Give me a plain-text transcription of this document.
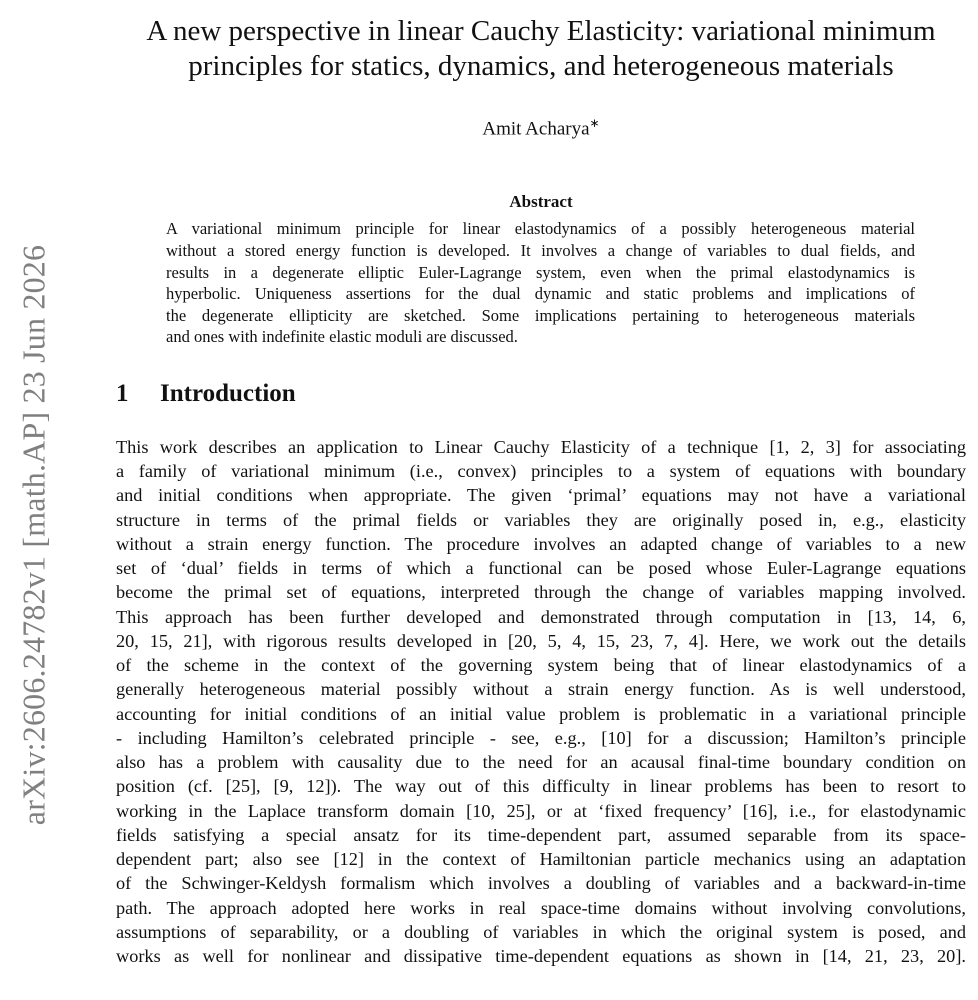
arXiv:2606.24782v1 [math.AP] 23 Jun 2026
A new perspective in linear Cauchy Elasticity: variational minimum
principles for statics, dynamics, and heterogeneous materials
Amit Acharya∗
Abstract
A variational minimum principle for linear elastodynamics of a possibly heterogeneous material
without a stored energy function is developed. It involves a change of variables to dual fields, and
results in a degenerate elliptic Euler-Lagrange system, even when the primal elastodynamics is
hyperbolic. Uniqueness assertions for the dual dynamic and static problems and implications of
the degenerate ellipticity are sketched. Some implications pertaining to heterogeneous materials
and ones with indefinite elastic moduli are discussed.
1 Introduction
This work describes an application to Linear Cauchy Elasticity of a technique [1, 2, 3] for associating
a family of variational minimum (i.e., convex) principles to a system of equations with boundary
and initial conditions when appropriate. The given ‘primal’ equations may not have a variational
structure in terms of the primal fields or variables they are originally posed in, e.g., elasticity
without a strain energy function. The procedure involves an adapted change of variables to a new
set of ‘dual’ fields in terms of which a functional can be posed whose Euler-Lagrange equations
become the primal set of equations, interpreted through the change of variables mapping involved.
This approach has been further developed and demonstrated through computation in [13, 14, 6,
20, 15, 21], with rigorous results developed in [20, 5, 4, 15, 23, 7, 4]. Here, we work out the details
of the scheme in the context of the governing system being that of linear elastodynamics of a
generally heterogeneous material possibly without a strain energy function. As is well understood,
accounting for initial conditions of an initial value problem is problematic in a variational principle
- including Hamilton’s celebrated principle - see, e.g., [10] for a discussion; Hamilton’s principle
also has a problem with causality due to the need for an acausal final-time boundary condition on
position (cf. [25], [9, 12]). The way out of this difficulty in linear problems has been to resort to
working in the Laplace transform domain [10, 25], or at ‘fixed frequency’ [16], i.e., for elastodynamic
fields satisfying a special ansatz for its time-dependent part, assumed separable from its space-
dependent part; also see [12] in the context of Hamiltonian particle mechanics using an adaptation
of the Schwinger-Keldysh formalism which involves a doubling of variables and a backward-in-time
path. The approach adopted here works in real space-time domains without involving convolutions,
assumptions of separability, or a doubling of variables in which the original system is posed, and
works as well for nonlinear and dissipative time-dependent equations as shown in [14, 21, 23, 20].
